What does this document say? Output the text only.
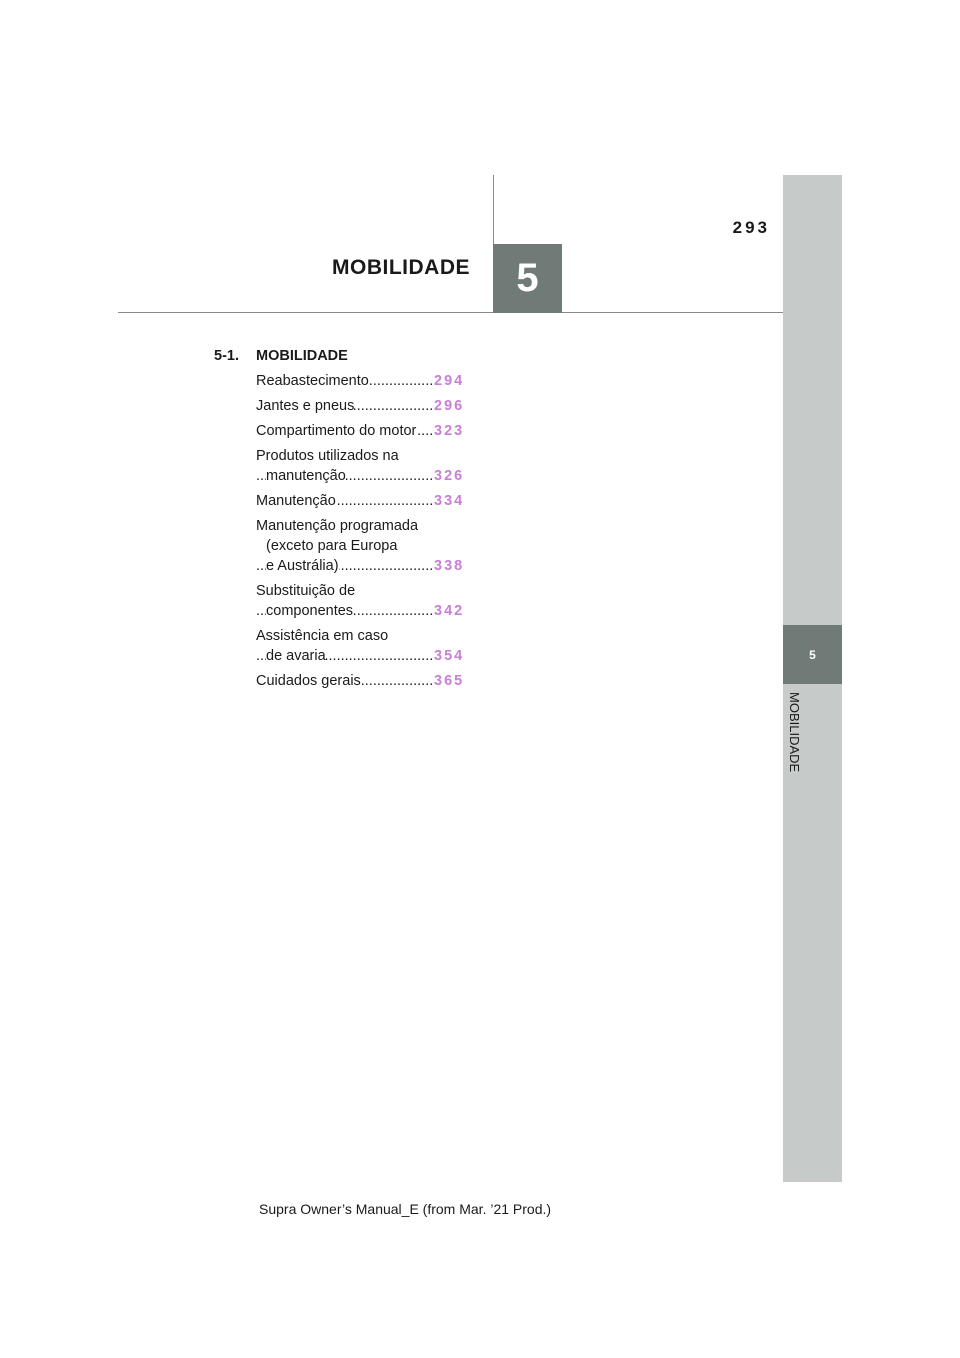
MOBILIDADE 5
293
5
MOBILIDADE
5-1.	MOBILIDADE
Reabastecimento .....	294
Jantes e pneus .....	296
Compartimento do motor .....	323
Produtos utilizados na
manutenção .....	326
Manutenção .....	334
Manutenção programada
(exceto para Europa
e Austrália) .....	338
Substituição de
componentes .....	342
Assistência em caso
de avaria .....	354
Cuidados gerais .....	365
Supra Owner’s Manual_E (from Mar. ’21 Prod.)
